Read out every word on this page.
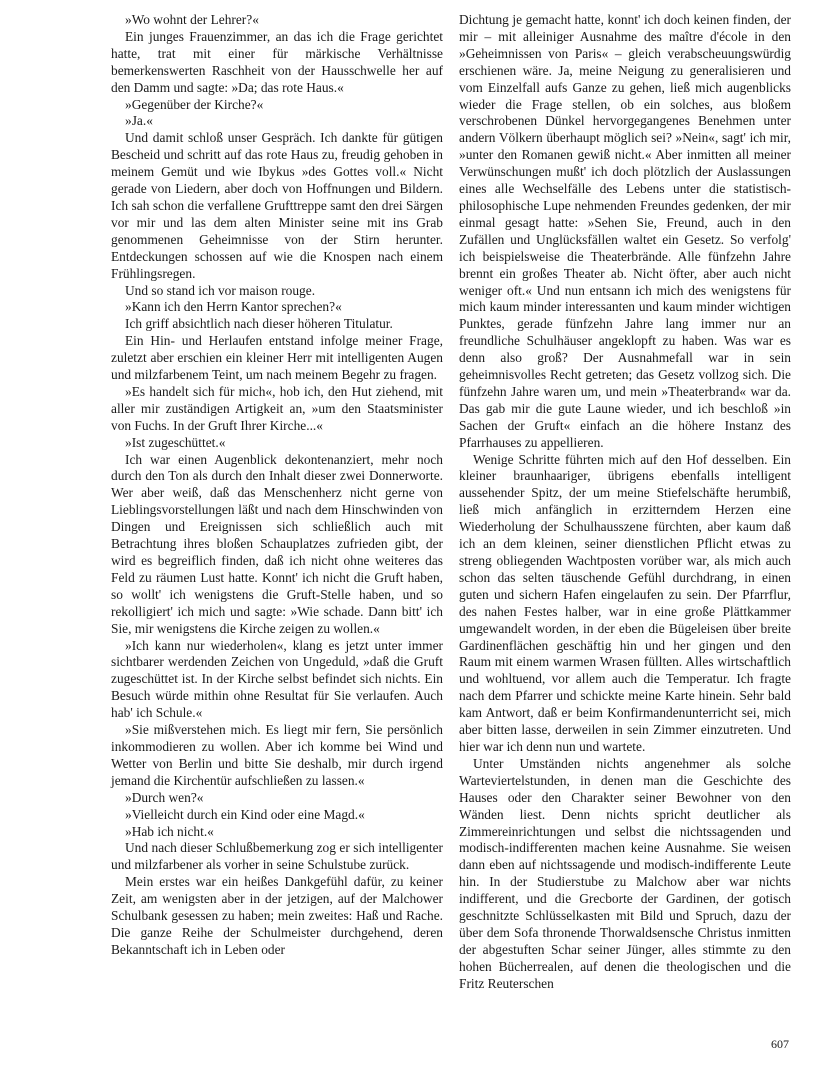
»Wo wohnt der Lehrer?«

Ein junges Frauenzimmer, an das ich die Frage gerichtet hatte, trat mit einer für märkische Verhältnisse bemerkenswerten Raschheit von der Hausschwelle her auf den Damm und sagte: »Da; das rote Haus.«

»Gegenüber der Kirche?«

»Ja.«

Und damit schloß unser Gespräch. Ich dankte für gütigen Bescheid und schritt auf das rote Haus zu, freudig gehoben in meinem Gemüt und wie Ibykus »des Gottes voll.« Nicht gerade von Liedern, aber doch von Hoffnungen und Bildern. Ich sah schon die verfallene Grufttreppe samt den drei Särgen vor mir und las dem alten Minister seine mit ins Grab genommenen Geheimnisse von der Stirn herunter. Entdeckungen schossen auf wie die Knospen nach einem Frühlingsregen.

Und so stand ich vor maison rouge.

»Kann ich den Herrn Kantor sprechen?«

Ich griff absichtlich nach dieser höheren Titulatur.

Ein Hin- und Herlaufen entstand infolge meiner Frage, zuletzt aber erschien ein kleiner Herr mit intelligenten Augen und milzfarbenem Teint, um nach meinem Begehr zu fragen.

»Es handelt sich für mich«, hob ich, den Hut ziehend, mit aller mir zuständigen Artigkeit an, »um den Staatsminister von Fuchs. In der Gruft Ihrer Kirche...«

»Ist zugeschüttet.«

Ich war einen Augenblick dekontenanziert, mehr noch durch den Ton als durch den Inhalt dieser zwei Donnerworte. Wer aber weiß, daß das Menschenherz nicht gerne von Lieblingsvorstellungen läßt und nach dem Hinschwinden von Dingen und Ereignissen sich schließlich auch mit Betrachtung ihres bloßen Schauplatzes zufrieden gibt, der wird es begreiflich finden, daß ich nicht ohne weiteres das Feld zu räumen Lust hatte. Konnt' ich nicht die Gruft haben, so wollt' ich wenigstens die Gruft-Stelle haben, und so rekolligiert' ich mich und sagte: »Wie schade. Dann bitt' ich Sie, mir wenigstens die Kirche zeigen zu wollen.«

»Ich kann nur wiederholen«, klang es jetzt unter immer sichtbarer werdenden Zeichen von Ungeduld, »daß die Gruft zugeschüttet ist. In der Kirche selbst befindet sich nichts. Ein Besuch würde mithin ohne Resultat für Sie verlaufen. Auch hab' ich Schule.«

»Sie mißverstehen mich. Es liegt mir fern, Sie persönlich inkommodieren zu wollen. Aber ich komme bei Wind und Wetter von Berlin und bitte Sie deshalb, mir durch irgend jemand die Kirchentür aufschließen zu lassen.«

»Durch wen?«

»Vielleicht durch ein Kind oder eine Magd.«

»Hab ich nicht.«

Und nach dieser Schlußbemerkung zog er sich intelligenter und milzfarbener als vorher in seine Schulstube zurück.

Mein erstes war ein heißes Dankgefühl dafür, zu keiner Zeit, am wenigsten aber in der jetzigen, auf der Malchower Schulbank gesessen zu haben; mein zweites: Haß und Rache. Die ganze Reihe der Schulmeister durchgehend, deren Bekanntschaft ich in Leben oder

Dichtung je gemacht hatte, konnt' ich doch keinen finden, der mir – mit alleiniger Ausnahme des maître d'école in den »Geheimnissen von Paris« – gleich verabscheuungswürdig erschienen wäre. Ja, meine Neigung zu generalisieren und vom Einzelfall aufs Ganze zu gehen, ließ mich augenblicks wieder die Frage stellen, ob ein solches, aus bloßem verschrobenen Dünkel hervorgegangenes Benehmen unter andern Völkern überhaupt möglich sei? »Nein«, sagt' ich mir, »unter den Romanen gewiß nicht.« Aber inmitten all meiner Verwünschungen mußt' ich doch plötzlich der Auslassungen eines alle Wechselfälle des Lebens unter die statistisch-philosophische Lupe nehmenden Freundes gedenken, der mir einmal gesagt hatte: »Sehen Sie, Freund, auch in den Zufällen und Unglücksfällen waltet ein Gesetz. So verfolg' ich beispielsweise die Theaterbrände. Alle fünfzehn Jahre brennt ein großes Theater ab. Nicht öfter, aber auch nicht weniger oft.« Und nun entsann ich mich des wenigstens für mich kaum minder interessanten und kaum minder wichtigen Punktes, gerade fünfzehn Jahre lang immer nur an freundliche Schulhäuser angeklopft zu haben. Was war es denn also groß? Der Ausnahmefall war in sein geheimnisvolles Recht getreten; das Gesetz vollzog sich. Die fünfzehn Jahre waren um, und mein »Theaterbrand« war da. Das gab mir die gute Laune wieder, und ich beschloß »in Sachen der Gruft« einfach an die höhere Instanz des Pfarrhauses zu appellieren.

Wenige Schritte führten mich auf den Hof desselben. Ein kleiner braunhaariger, übrigens ebenfalls intelligent aussehender Spitz, der um meine Stiefelschäfte herumbiß, ließ mich anfänglich in erzitterndem Herzen eine Wiederholung der Schulhausszene fürchten, aber kaum daß ich an dem kleinen, seiner dienstlichen Pflicht etwas zu streng obliegenden Wachtposten vorüber war, als mich auch schon das selten täuschende Gefühl durchdrang, in einen guten und sichern Hafen eingelaufen zu sein. Der Pfarrflur, des nahen Festes halber, war in eine große Plättkammer umgewandelt worden, in der eben die Bügeleisen über breite Gardinenflächen geschäftig hin und her gingen und den Raum mit einem warmen Wrasen füllten. Alles wirtschaftlich und wohltuend, vor allem auch die Temperatur. Ich fragte nach dem Pfarrer und schickte meine Karte hinein. Sehr bald kam Antwort, daß er beim Konfirmandenunterricht sei, mich aber bitten lasse, derweilen in sein Zimmer einzutreten. Und hier war ich denn nun und wartete.

Unter Umständen nichts angenehmer als solche Warteviertelstunden, in denen man die Geschichte des Hauses oder den Charakter seiner Bewohner von den Wänden liest. Denn nichts spricht deutlicher als Zimmereinrichtungen und selbst die nichtssagenden und modisch-indifferenten machen keine Ausnahme. Sie weisen dann eben auf nichtssagende und modisch-indifferente Leute hin. In der Studierstube zu Malchow aber war nichts indifferent, und die Grecborte der Gardinen, der gotisch geschnitzte Schlüsselkasten mit Bild und Spruch, dazu der über dem Sofa thronende Thorwaldsensche Christus inmitten der abgestuften Schar seiner Jünger, alles stimmte zu den hohen Bücherrealen, auf denen die theologischen und die Fritz Reuterschen

607
